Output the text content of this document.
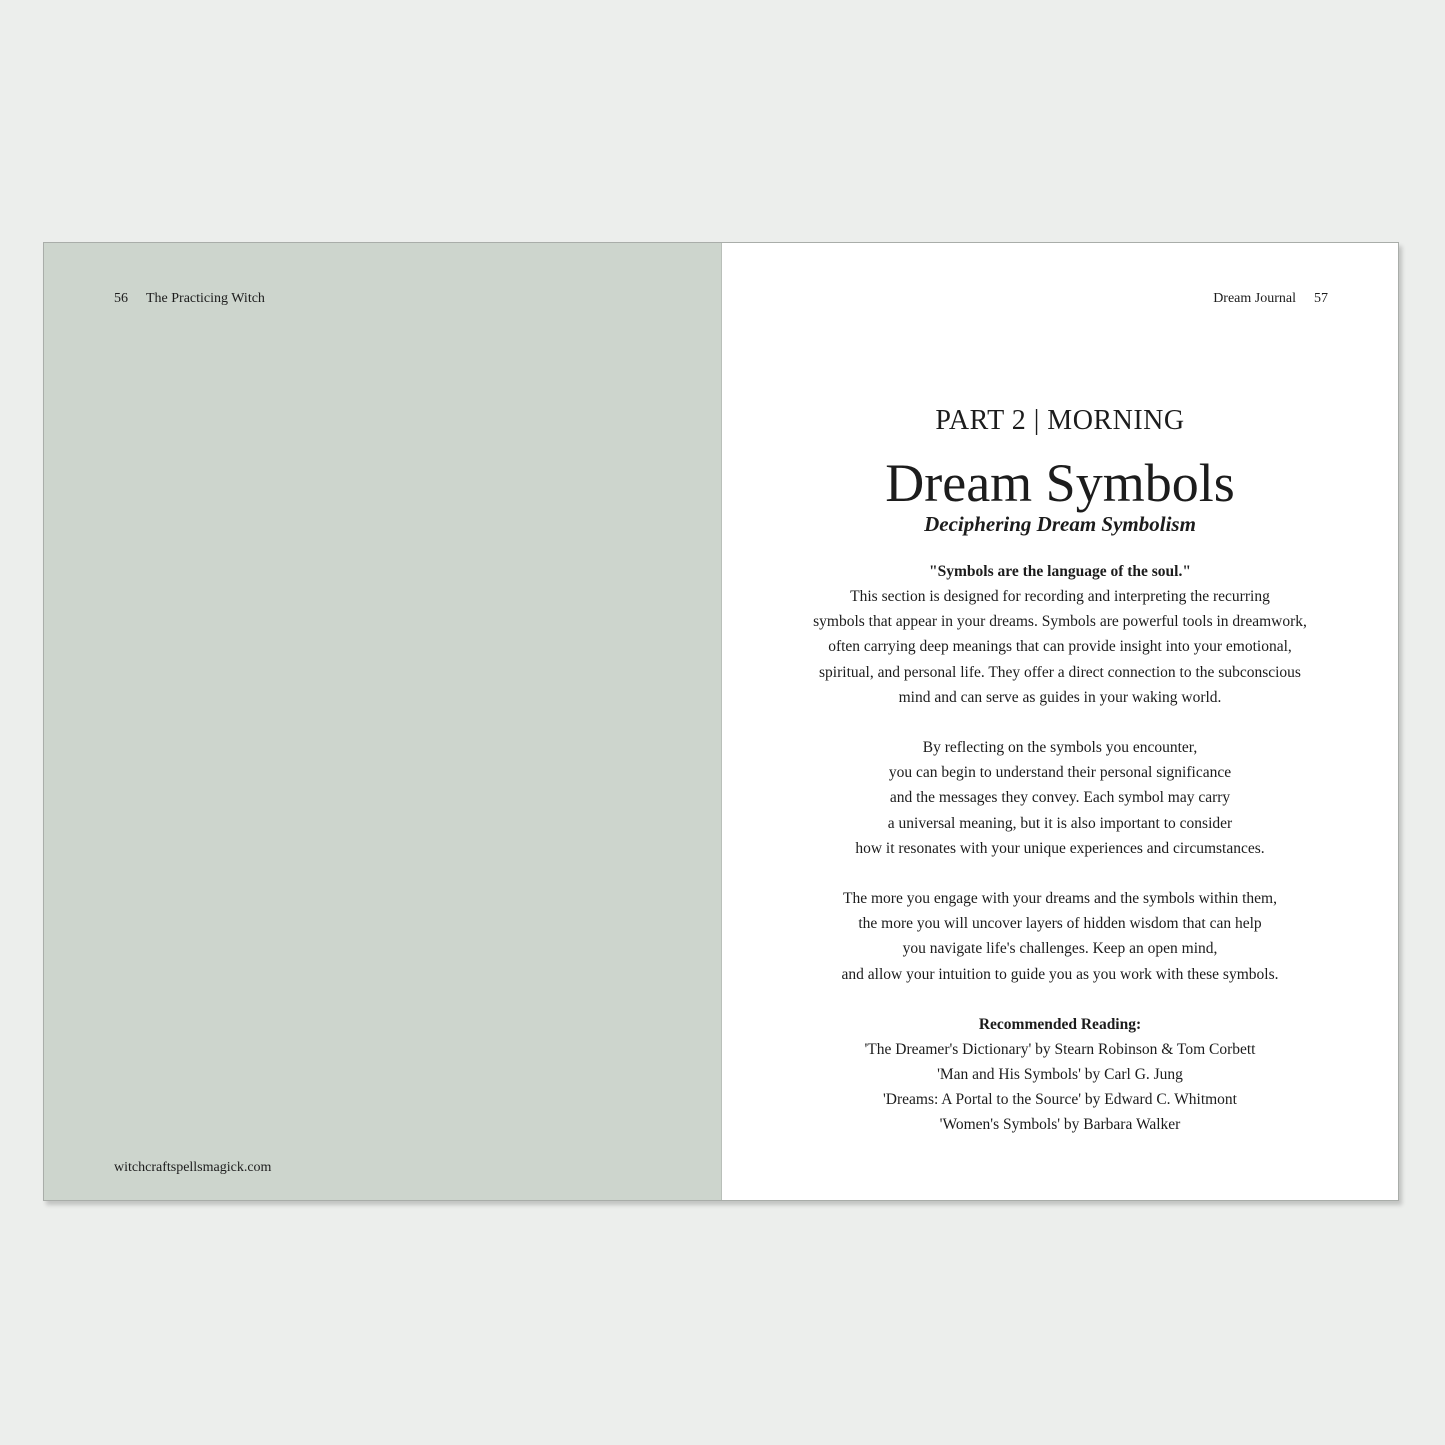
56 The Practicing Witch
witchcraftspellsmagick.com
Dream Journal 57

PART 2 | MORNING

Dream Symbols

Deciphering Dream Symbolism

"Symbols are the language of the soul."

This section is designed for recording and interpreting the recurring
symbols that appear in your dreams. Symbols are powerful tools in dreamwork,
often carrying deep meanings that can provide insight into your emotional,
spiritual, and personal life. They offer a direct connection to the subconscious
mind and can serve as guides in your waking world.

By reflecting on the symbols you encounter,
you can begin to understand their personal significance
and the messages they convey. Each symbol may carry
a universal meaning, but it is also important to consider
how it resonates with your unique experiences and circumstances.

The more you engage with your dreams and the symbols within them,
the more you will uncover layers of hidden wisdom that can help
you navigate life's challenges. Keep an open mind,
and allow your intuition to guide you as you work with these symbols.

Recommended Reading:

'The Dreamer's Dictionary' by Stearn Robinson & Tom Corbett
'Man and His Symbols' by Carl G. Jung
'Dreams: A Portal to the Source' by Edward C. Whitmont
'Women's Symbols' by Barbara Walker
